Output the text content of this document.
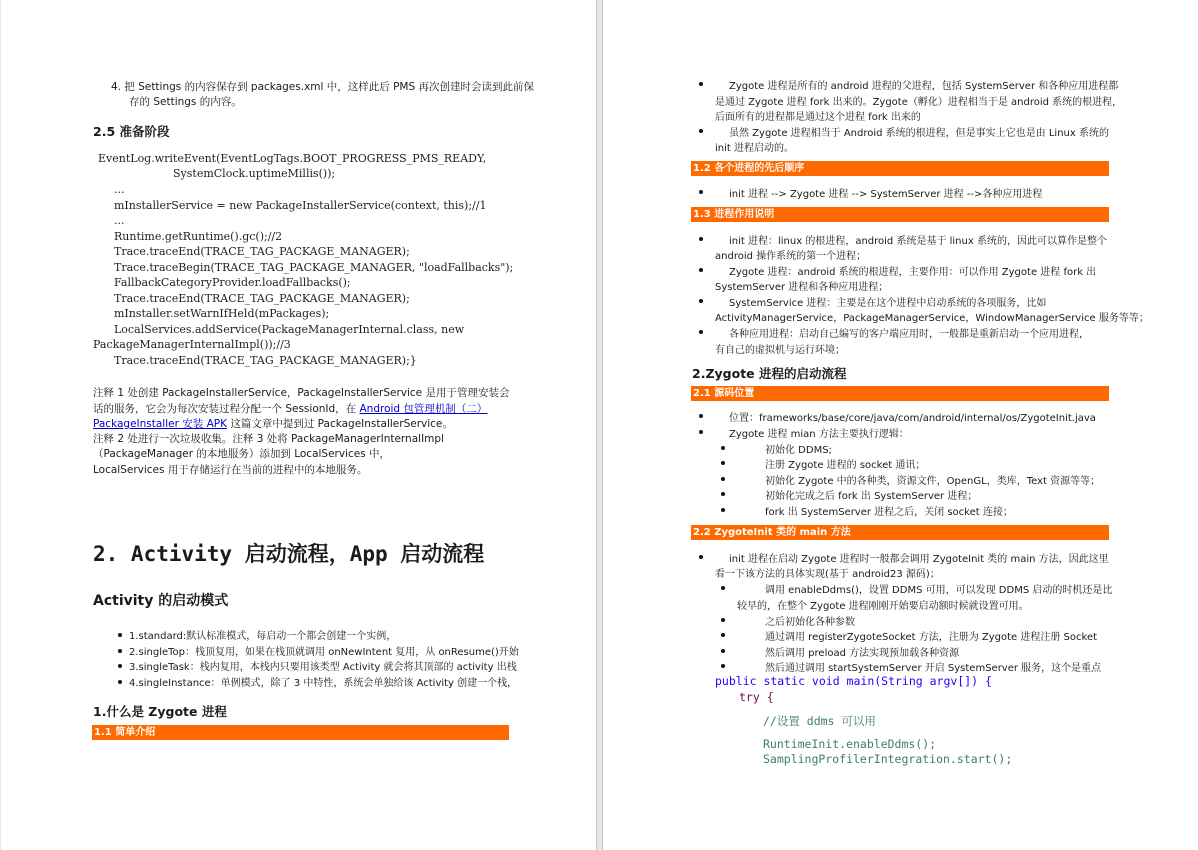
4. 把 Settings 的内容保存到 packages.xml 中，这样此后 PMS 再次创建时会读到此前保
存的 Settings 的内容。
2.5 准备阶段
EventLog.writeEvent(EventLogTags.BOOT_PROGRESS_PMS_READY,
SystemClock.uptimeMillis());
...
mInstallerService = new PackageInstallerService(context, this);//1
...
Runtime.getRuntime().gc();//2
Trace.traceEnd(TRACE_TAG_PACKAGE_MANAGER);
Trace.traceBegin(TRACE_TAG_PACKAGE_MANAGER, "loadFallbacks");
FallbackCategoryProvider.loadFallbacks();
Trace.traceEnd(TRACE_TAG_PACKAGE_MANAGER);
mInstaller.setWarnIfHeld(mPackages);
LocalServices.addService(PackageManagerInternal.class, new
PackageManagerInternalImpl());//3
Trace.traceEnd(TRACE_TAG_PACKAGE_MANAGER);}
注释 1 处创建 PackageInstallerService，PackageInstallerService 是用于管理安装会
话的服务，它会为每次安装过程分配一个 SessionId，在 Android 包管理机制（二）
PackageInstaller 安装 APK 这篇文章中提到过 PackageInstallerService。
注释 2 处进行一次垃圾收集。注释 3 处将 PackageManagerInternalImpl
（PackageManager 的本地服务）添加到 LocalServices 中，
LocalServices 用于存储运行在当前的进程中的本地服务。
2. Activity 启动流程，App 启动流程
Activity 的启动模式
1.standard:默认标准模式，每启动一个都会创建一个实例，
2.singleTop：栈顶复用，如果在栈顶就调用 onNewIntent 复用，从 onResume()开始
3.singleTask：栈内复用，本栈内只要用该类型 Activity 就会将其顶部的 activity 出栈
4.singleInstance：单例模式，除了 3 中特性，系统会单独给该 Activity 创建一个栈，
1.什么是 Zygote 进程
1.1 简单介绍
Zygote 进程是所有的 android 进程的父进程，包括 SystemServer 和各种应用进程都
是通过 Zygote 进程 fork 出来的。Zygote（孵化）进程相当于是 android 系统的根进程，
后面所有的进程都是通过这个进程 fork 出来的
虽然 Zygote 进程相当于 Android 系统的根进程，但是事实上它也是由 Linux 系统的
init 进程启动的。
1.2 各个进程的先后顺序
init 进程 --> Zygote 进程 --> SystemServer 进程 -->各种应用进程
1.3 进程作用说明
init 进程：linux 的根进程，android 系统是基于 linux 系统的，因此可以算作是整个
android 操作系统的第一个进程；
Zygote 进程：android 系统的根进程，主要作用：可以作用 Zygote 进程 fork 出
SystemServer 进程和各种应用进程；
SystemService 进程：主要是在这个进程中启动系统的各项服务，比如
ActivityManagerService，PackageManagerService，WindowManagerService 服务等等；
各种应用进程：启动自己编写的客户端应用时，一般都是重新启动一个应用进程，
有自己的虚拟机与运行环境；
2.Zygote 进程的启动流程
2.1 源码位置
位置：frameworks/base/core/java/com/android/internal/os/ZygoteInit.java
Zygote 进程 mian 方法主要执行逻辑：
初始化 DDMS;
注册 Zygote 进程的 socket 通讯；
初始化 Zygote 中的各种类，资源文件，OpenGL，类库，Text 资源等等；
初始化完成之后 fork 出 SystemServer 进程；
fork 出 SystemServer 进程之后，关闭 socket 连接；
2.2 ZygoteInit 类的 main 方法
init 进程在启动 Zygote 进程时一般都会调用 ZygoteInit 类的 main 方法，因此这里
看一下该方法的具体实现(基于 android23 源码)；
调用 enableDdms()，设置 DDMS 可用，可以发现 DDMS 启动的时机还是比
较早的，在整个 Zygote 进程刚刚开始要启动额时候就设置可用。
之后初始化各种参数
通过调用 registerZygoteSocket 方法，注册为 Zygote 进程注册 Socket
然后调用 preload 方法实现预加载各种资源
然后通过调用 startSystemServer 开启 SystemServer 服务，这个是重点
public static void main(String argv[]) {
try {
//设置 ddms 可以用
RuntimeInit.enableDdms();
SamplingProfilerIntegration.start();
